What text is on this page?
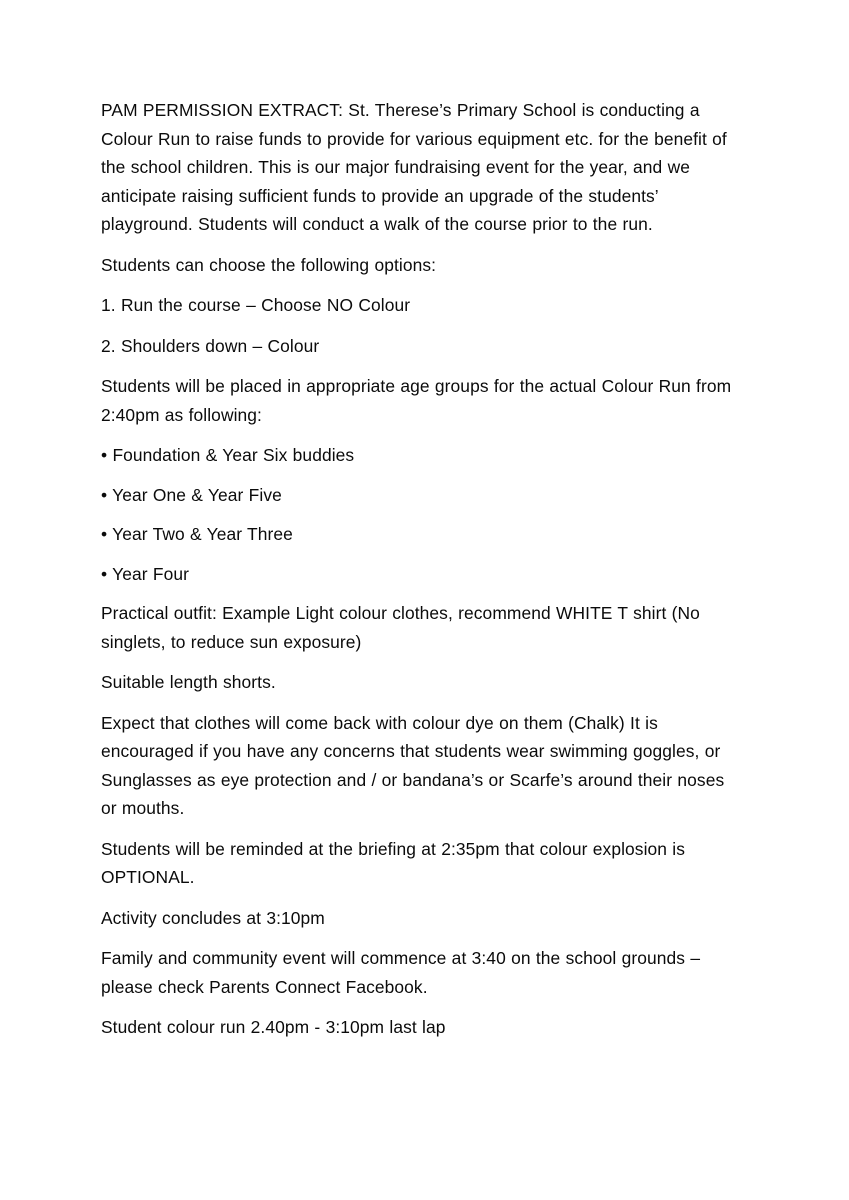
PAM PERMISSION EXTRACT: St. Therese’s Primary School is conducting a Colour Run to raise funds to provide for various equipment etc. for the benefit of the school children. This is our major fundraising event for the year, and we anticipate raising sufficient funds to provide an upgrade of the students’ playground. Students will conduct a walk of the course prior to the run.

Students can choose the following options:

1. Run the course – Choose NO Colour

2. Shoulders down – Colour

Students will be placed in appropriate age groups for the actual Colour Run from 2:40pm as following:

• Foundation & Year Six buddies

• Year One & Year Five

• Year Two & Year Three

• Year Four

Practical outfit: Example Light colour clothes, recommend WHITE T shirt (No singlets, to reduce sun exposure)

Suitable length shorts.

Expect that clothes will come back with colour dye on them (Chalk) It is encouraged if you have any concerns that students wear swimming goggles, or Sunglasses as eye protection and / or bandana’s or Scarfe’s around their noses or mouths.

Students will be reminded at the briefing at 2:35pm that colour explosion is OPTIONAL.

Activity concludes at 3:10pm

Family and community event will commence at 3:40 on the school grounds – please check Parents Connect Facebook.

Student colour run 2.40pm - 3:10pm last lap
